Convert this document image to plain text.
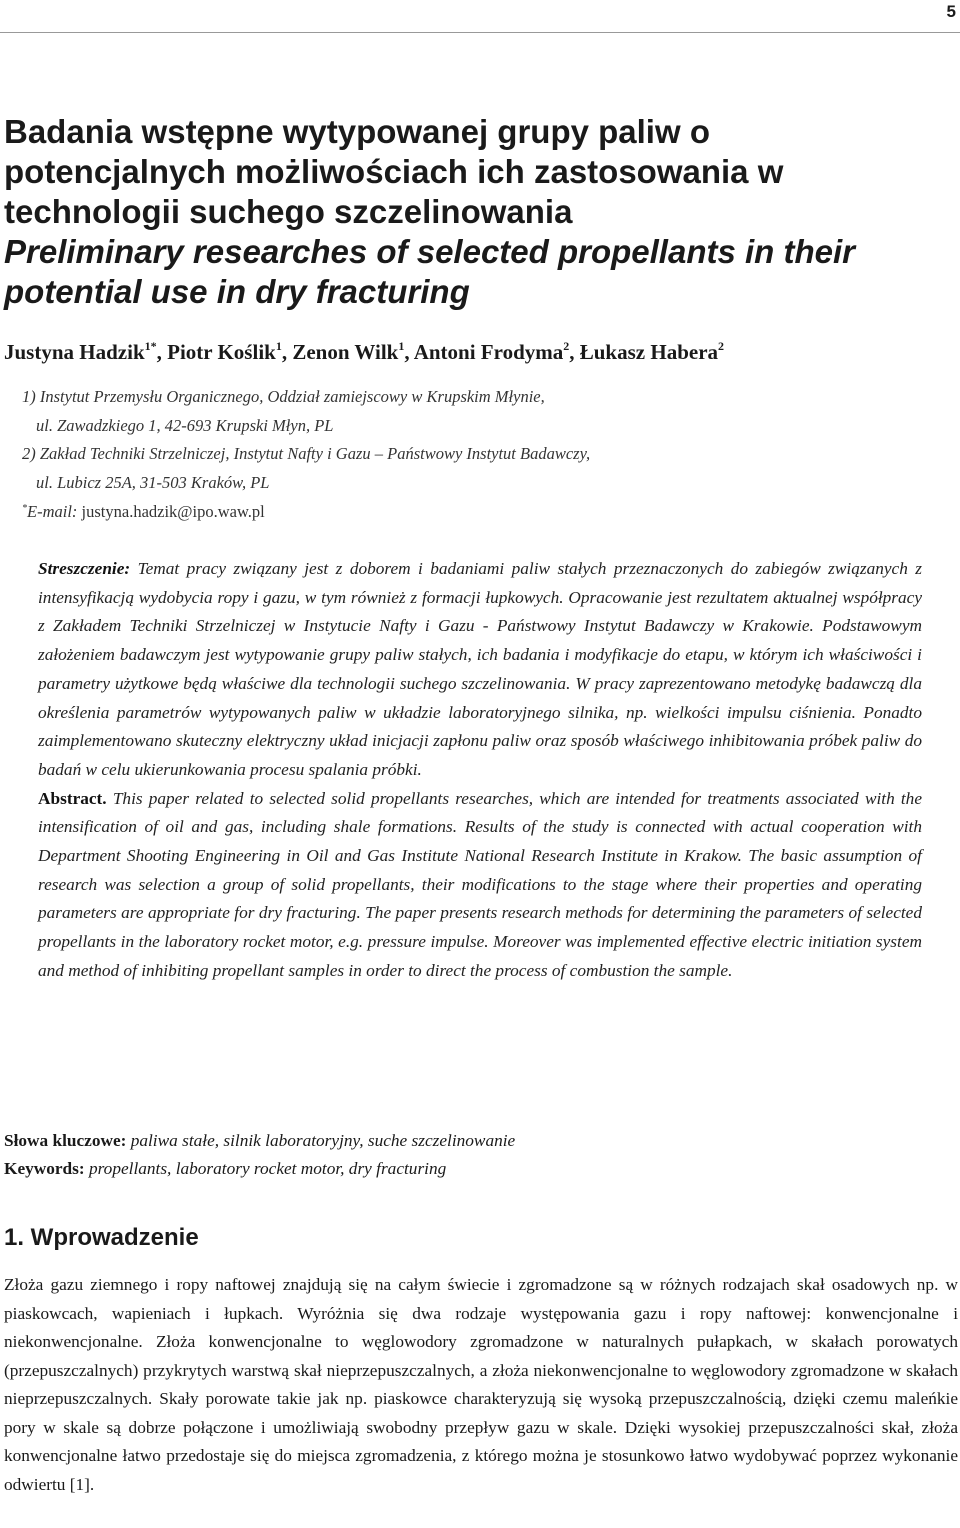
5
Badania wstępne wytypowanej grupy paliw o potencjalnych możliwościach ich zastosowania w technologii suchego szczelinowania
Preliminary researches of selected propellants in their potential use in dry fracturing
Justyna Hadzik$^{1*}$, Piotr Koślik$^1$, Zenon Wilk$^1$, Antoni Frodyma$^2$, Łukasz Habera$^2$
1) Instytut Przemysłu Organicznego, Oddział zamiejscowy w Krupskim Młynie,
ul. Zawadzkiego 1, 42-693 Krupski Młyn, PL
2) Zakład Techniki Strzelniczej, Instytut Nafty i Gazu – Państwowy Instytut Badawczy,
ul. Lubicz 25A, 31-503 Kraków, PL
*E-mail: justyna.hadzik@ipo.waw.pl

Streszczenie: Temat pracy związany jest z doborem i badaniami paliw stałych przeznaczonych do zabiegów związanych z intensyfikacją wydobycia ropy i gazu, w tym również z formacji łupkowych. Opracowanie jest rezultatem aktualnej współpracy z Zakładem Techniki Strzelniczej w Instytucie Nafty i Gazu - Państwowy Instytut Badawczy w Krakowie. Podstawowym założeniem badawczym jest wytypowanie grupy paliw stałych, ich badania i modyfikacje do etapu, w którym ich właściwości i parametry użytkowe będą właściwe dla technologii suchego szczelinowania. W pracy zaprezentowano metodykę badawczą dla określenia parametrów wytypowanych paliw w układzie laboratoryjnego silnika, np. wielkości impulsu ciśnienia. Ponadto zaimplementowano skuteczny elektryczny układ inicjacji zapłonu paliw oraz sposób właściwego inhibitowania próbek paliw do badań w celu ukierunkowania procesu spalania próbki.
Abstract. This paper related to selected solid propellants researches, which are intended for treatments associated with the intensification of oil and gas, including shale formations. Results of the study is connected with actual cooperation with Department Shooting Engineering in Oil and Gas Institute National Research Institute in Krakow. The basic assumption of research was selection a group of solid propellants, their modifications to the stage where their properties and operating parameters are appropriate for dry fracturing. The paper presents research methods for determining the parameters of selected propellants in the laboratory rocket motor, e.g. pressure impulse. Moreover was implemented effective electric initiation system and method of inhibiting propellant samples in order to direct the process of combustion the sample.

Słowa kluczowe: paliwa stałe, silnik laboratoryjny, suche szczelinowanie
Keywords: propellants, laboratory rocket motor, dry fracturing
1. Wprowadzenie

Złoża gazu ziemnego i ropy naftowej znajdują się na całym świecie i zgromadzone są w różnych rodzajach skał osadowych np. w piaskowcach, wapieniach i łupkach. Wyróżnia się dwa rodzaje występowania gazu i ropy naftowej: konwencjonalne i niekonwencjonalne. Złoża konwencjonalne to węglowodory zgromadzone w naturalnych pułapkach, w skałach porowatych (przepuszczalnych) przykrytych warstwą skał nieprzepuszczalnych, a złoża niekonwencjonalne to węglowodory zgromadzone w skałach nieprzepuszczalnych. Skały porowate takie jak np. piaskowce charakteryzują się wysoką przepuszczalnością, dzięki czemu maleńkie pory w skale są dobrze połączone i umożliwiają swobodny przepływ gazu w skale. Dzięki wysokiej przepuszczalności skał, złoża konwencjonalne łatwo przedostaje się do miejsca zgromadzenia, z którego można je stosunkowo łatwo wydobywać poprzez wykonanie odwiertu [1].
